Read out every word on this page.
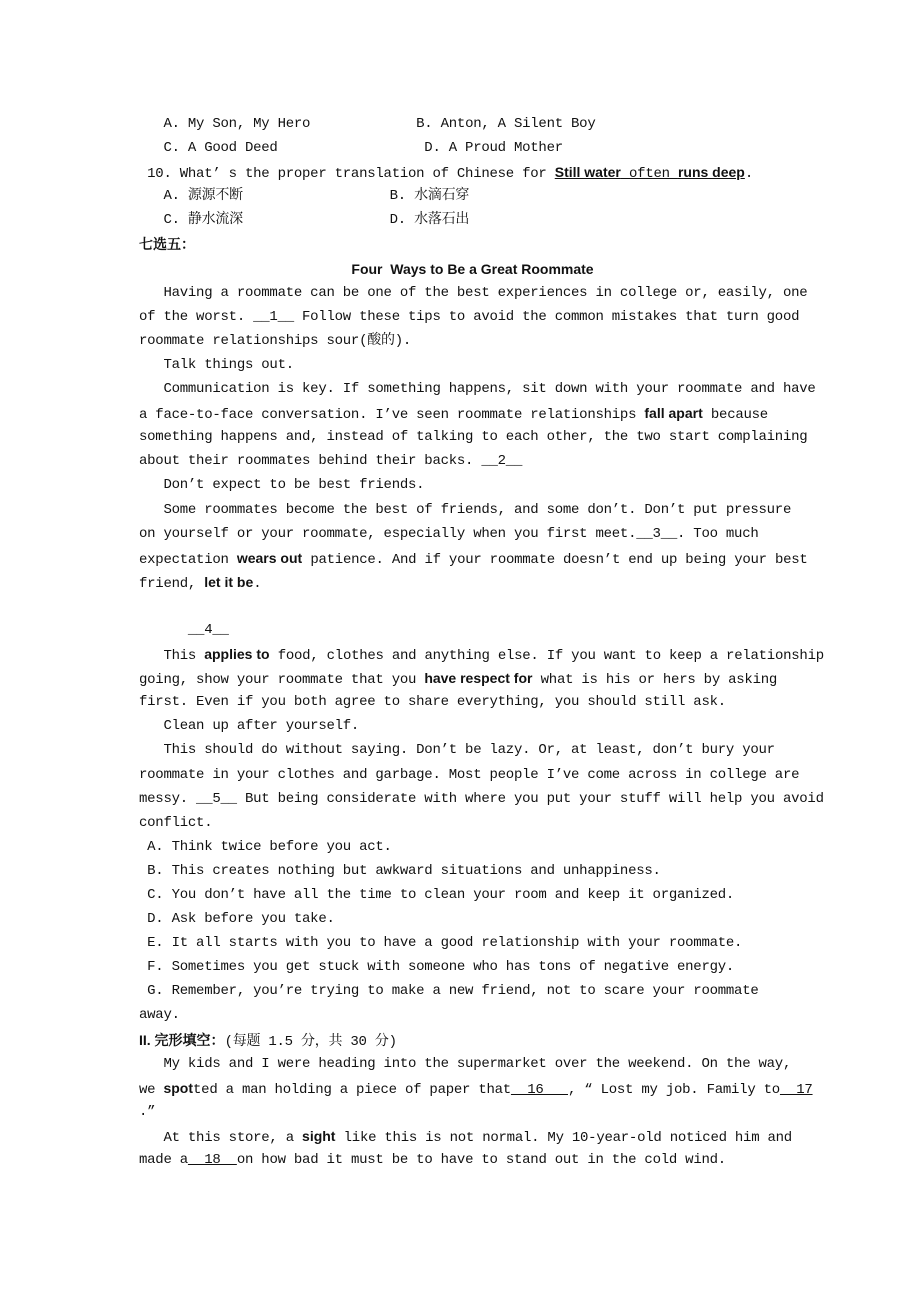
A. My Son, My Hero             B. Anton, A Silent Boy
C. A Good Deed                  D. A Proud Mother
10. What’ s the proper translation of Chinese for Still water often runs deep.
A. 源源不断                  B. 水滴石穿
C. 静水流深                  D. 水落石出
七选五：
Four  Ways to Be a Great Roommate
Having a roommate can be one of the best experiences in college or, easily, one
of the worst. __1__ Follow these tips to avoid the common mistakes that turn good
roommate relationships sour(酸的).
Talk things out.
Communication is key. If something happens, sit down with your roommate and have
a face-to-face conversation. I’ve seen roommate relationships fall apart because
something happens and, instead of talking to each other, the two start complaining
about their roommates behind their backs. __2__
Don’t expect to be best friends.
Some roommates become the best of friends, and some don’t. Don’t put pressure
on yourself or your roommate, especially when you first meet.__3__. Too much
expectation wears out patience. And if your roommate doesn’t end up being your best
friend, let it be.
__4__
This applies to food, clothes and anything else. If you want to keep a relationship
going, show your roommate that you have respect for what is his or hers by asking
first. Even if you both agree to share everything, you should still ask.
Clean up after yourself.
This should do without saying. Don’t be lazy. Or, at least, don’t bury your
roommate in your clothes and garbage. Most people I’ve come across in college are
messy. __5__ But being considerate with where you put your stuff will help you avoid
conflict.
A. Think twice before you act.
B. This creates nothing but awkward situations and unhappiness.
C. You don’t have all the time to clean your room and keep it organized.
D. Ask before you take.
E. It all starts with you to have a good relationship with your roommate.
F. Sometimes you get stuck with someone who has tons of negative energy.
G. Remember, you’re trying to make a new friend, not to scare your roommate
away.
II. 完形填空：(每题 1.5 分，共 30 分)
My kids and I were heading into the supermarket over the weekend. On the way,
we spotted a man holding a piece of paper that  16   , “ Lost my job. Family to  17
.”
At this store, a sight like this is not normal. My 10-year-old noticed him and
made a  18  on how bad it must be to have to stand out in the cold wind.
